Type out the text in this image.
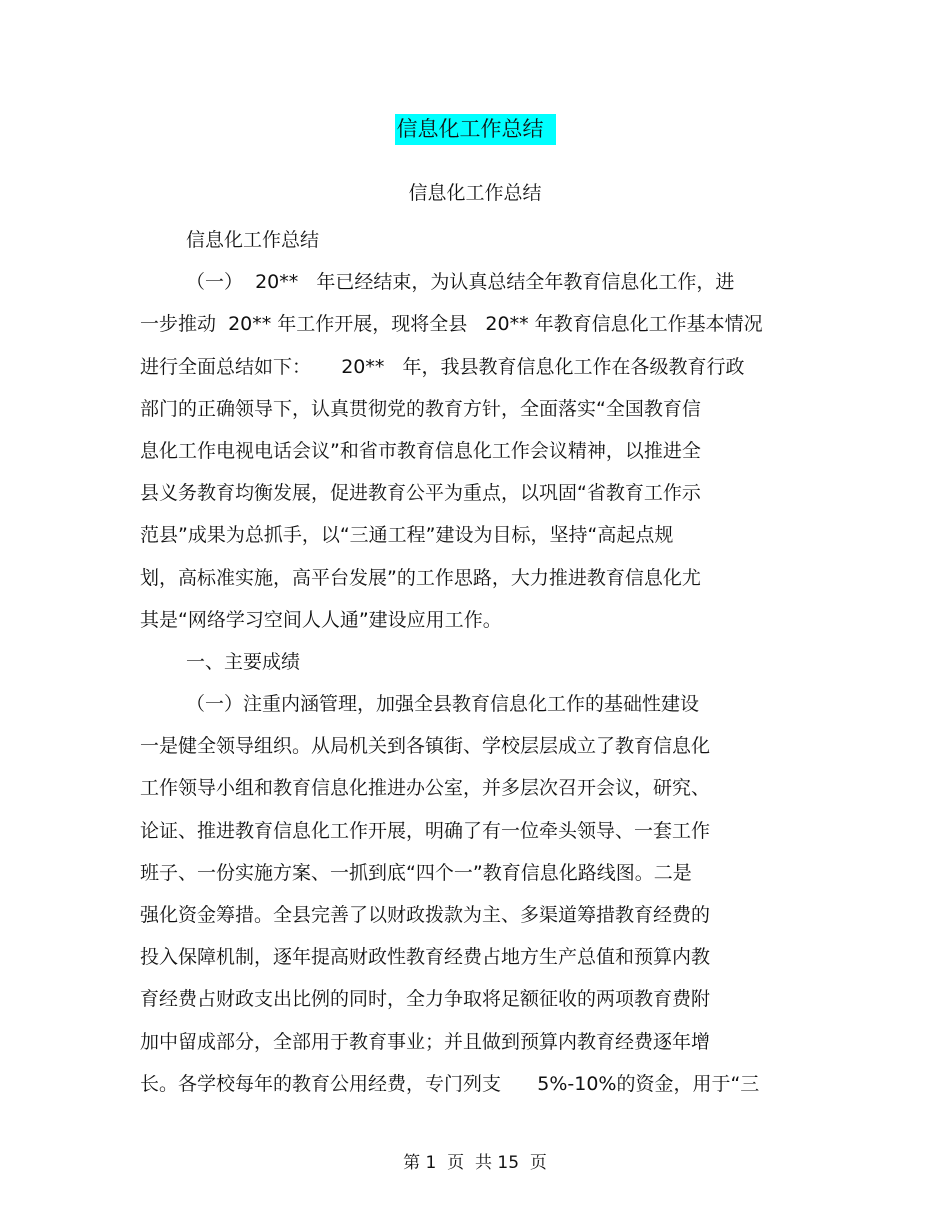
信息化工作总结
信息化工作总结
信息化工作总结
（一）  20**   年已经结束，为认真总结全年教育信息化工作，进
一步推动  20** 年工作开展，现将全县   20** 年教育信息化工作基本情况
进行全面总结如下：     20**   年，我县教育信息化工作在各级教育行政
部门的正确领导下，认真贯彻党的教育方针，全面落实“全国教育信
息化工作电视电话会议”和省市教育信息化工作会议精神，以推进全
县义务教育均衡发展，促进教育公平为重点，以巩固“省教育工作示
范县”成果为总抓手，以“三通工程”建设为目标，坚持“高起点规
划，高标准实施，高平台发展”的工作思路，大力推进教育信息化尤
其是“网络学习空间人人通”建设应用工作。
一、主要成绩
（一）注重内涵管理，加强全县教育信息化工作的基础性建设
一是健全领导组织。从局机关到各镇街、学校层层成立了教育信息化
工作领导小组和教育信息化推进办公室，并多层次召开会议，研究、
论证、推进教育信息化工作开展，明确了有一位牵头领导、一套工作
班子、一份实施方案、一抓到底“四个一”教育信息化路线图。二是
强化资金筹措。全县完善了以财政拨款为主、多渠道筹措教育经费的
投入保障机制，逐年提高财政性教育经费占地方生产总值和预算内教
育经费占财政支出比例的同时，全力争取将足额征收的两项教育费附
加中留成部分，全部用于教育事业；并且做到预算内教育经费逐年增
长。各学校每年的教育公用经费，专门列支      5%-10%的资金，用于“三
第 1  页  共 15  页
